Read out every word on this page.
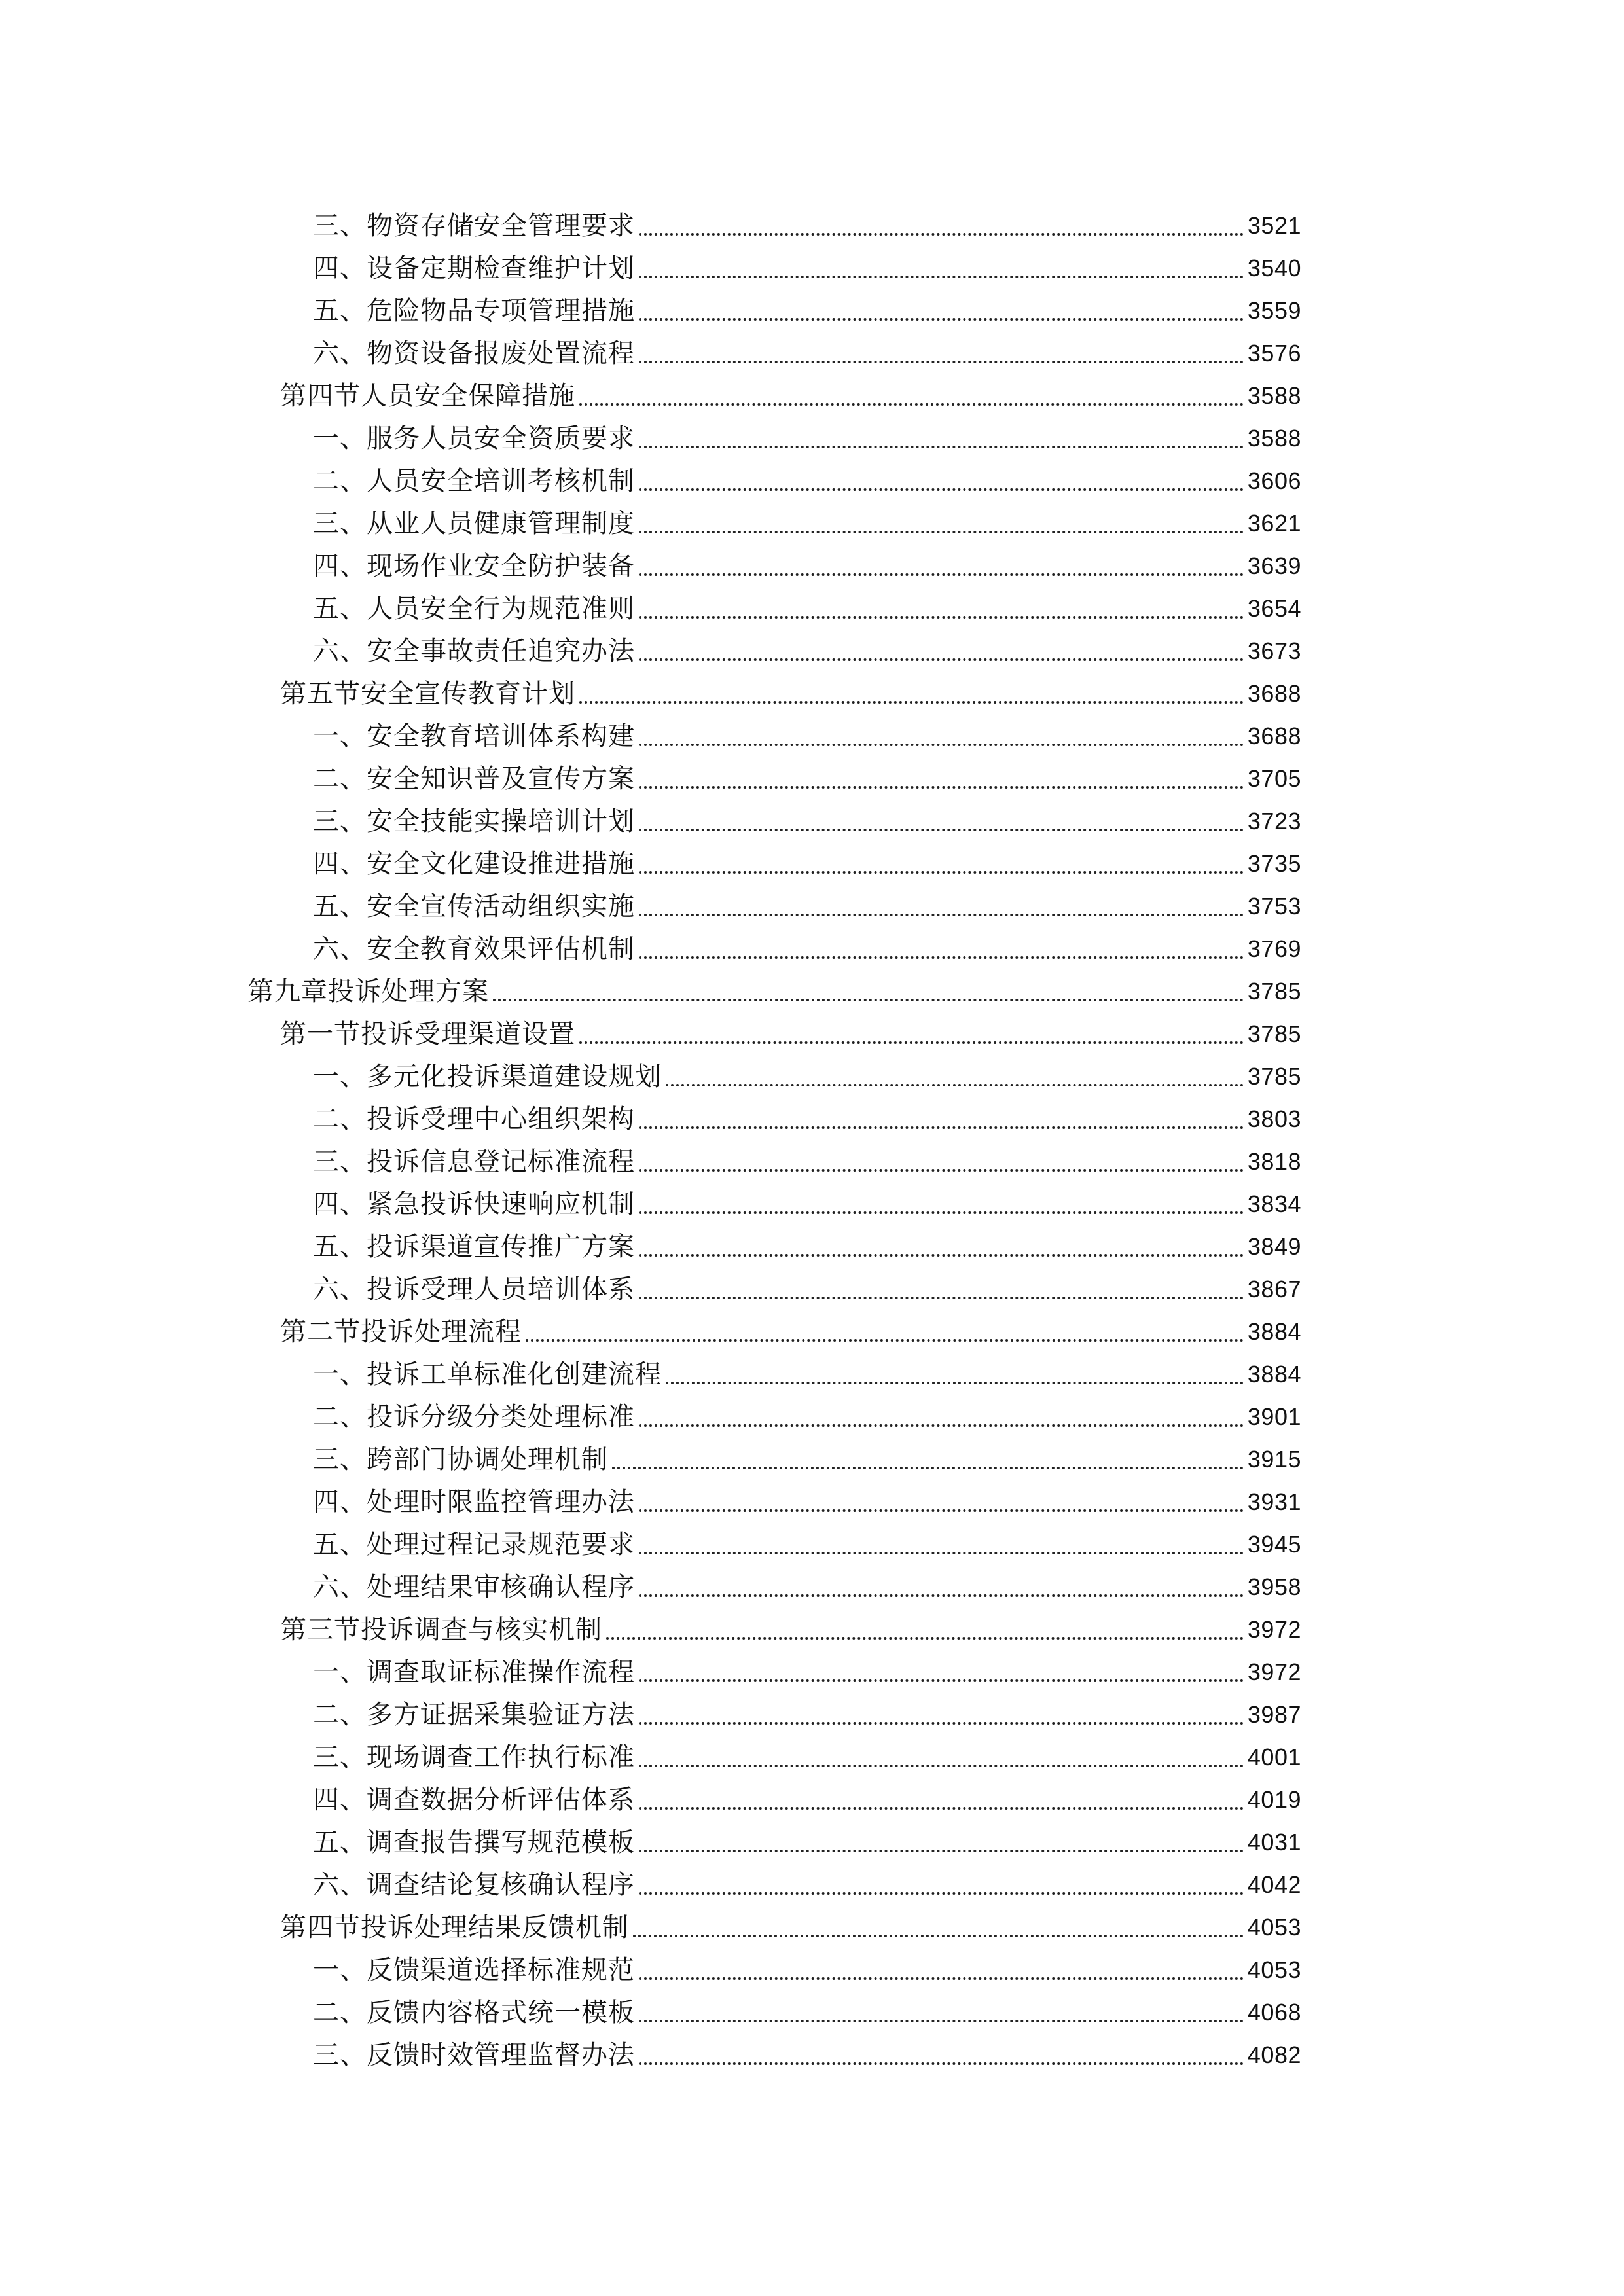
三、物资存储安全管理要求	3521
四、设备定期检查维护计划	3540
五、危险物品专项管理措施	3559
六、物资设备报废处置流程	3576
第四节人员安全保障措施	3588
一、服务人员安全资质要求	3588
二、人员安全培训考核机制	3606
三、从业人员健康管理制度	3621
四、现场作业安全防护装备	3639
五、人员安全行为规范准则	3654
六、安全事故责任追究办法	3673
第五节安全宣传教育计划	3688
一、安全教育培训体系构建	3688
二、安全知识普及宣传方案	3705
三、安全技能实操培训计划	3723
四、安全文化建设推进措施	3735
五、安全宣传活动组织实施	3753
六、安全教育效果评估机制	3769
第九章投诉处理方案	3785
第一节投诉受理渠道设置	3785
一、多元化投诉渠道建设规划	3785
二、投诉受理中心组织架构	3803
三、投诉信息登记标准流程	3818
四、紧急投诉快速响应机制	3834
五、投诉渠道宣传推广方案	3849
六、投诉受理人员培训体系	3867
第二节投诉处理流程	3884
一、投诉工单标准化创建流程	3884
二、投诉分级分类处理标准	3901
三、跨部门协调处理机制	3915
四、处理时限监控管理办法	3931
五、处理过程记录规范要求	3945
六、处理结果审核确认程序	3958
第三节投诉调查与核实机制	3972
一、调查取证标准操作流程	3972
二、多方证据采集验证方法	3987
三、现场调查工作执行标准	4001
四、调查数据分析评估体系	4019
五、调查报告撰写规范模板	4031
六、调查结论复核确认程序	4042
第四节投诉处理结果反馈机制	4053
一、反馈渠道选择标准规范	4053
二、反馈内容格式统一模板	4068
三、反馈时效管理监督办法	4082
